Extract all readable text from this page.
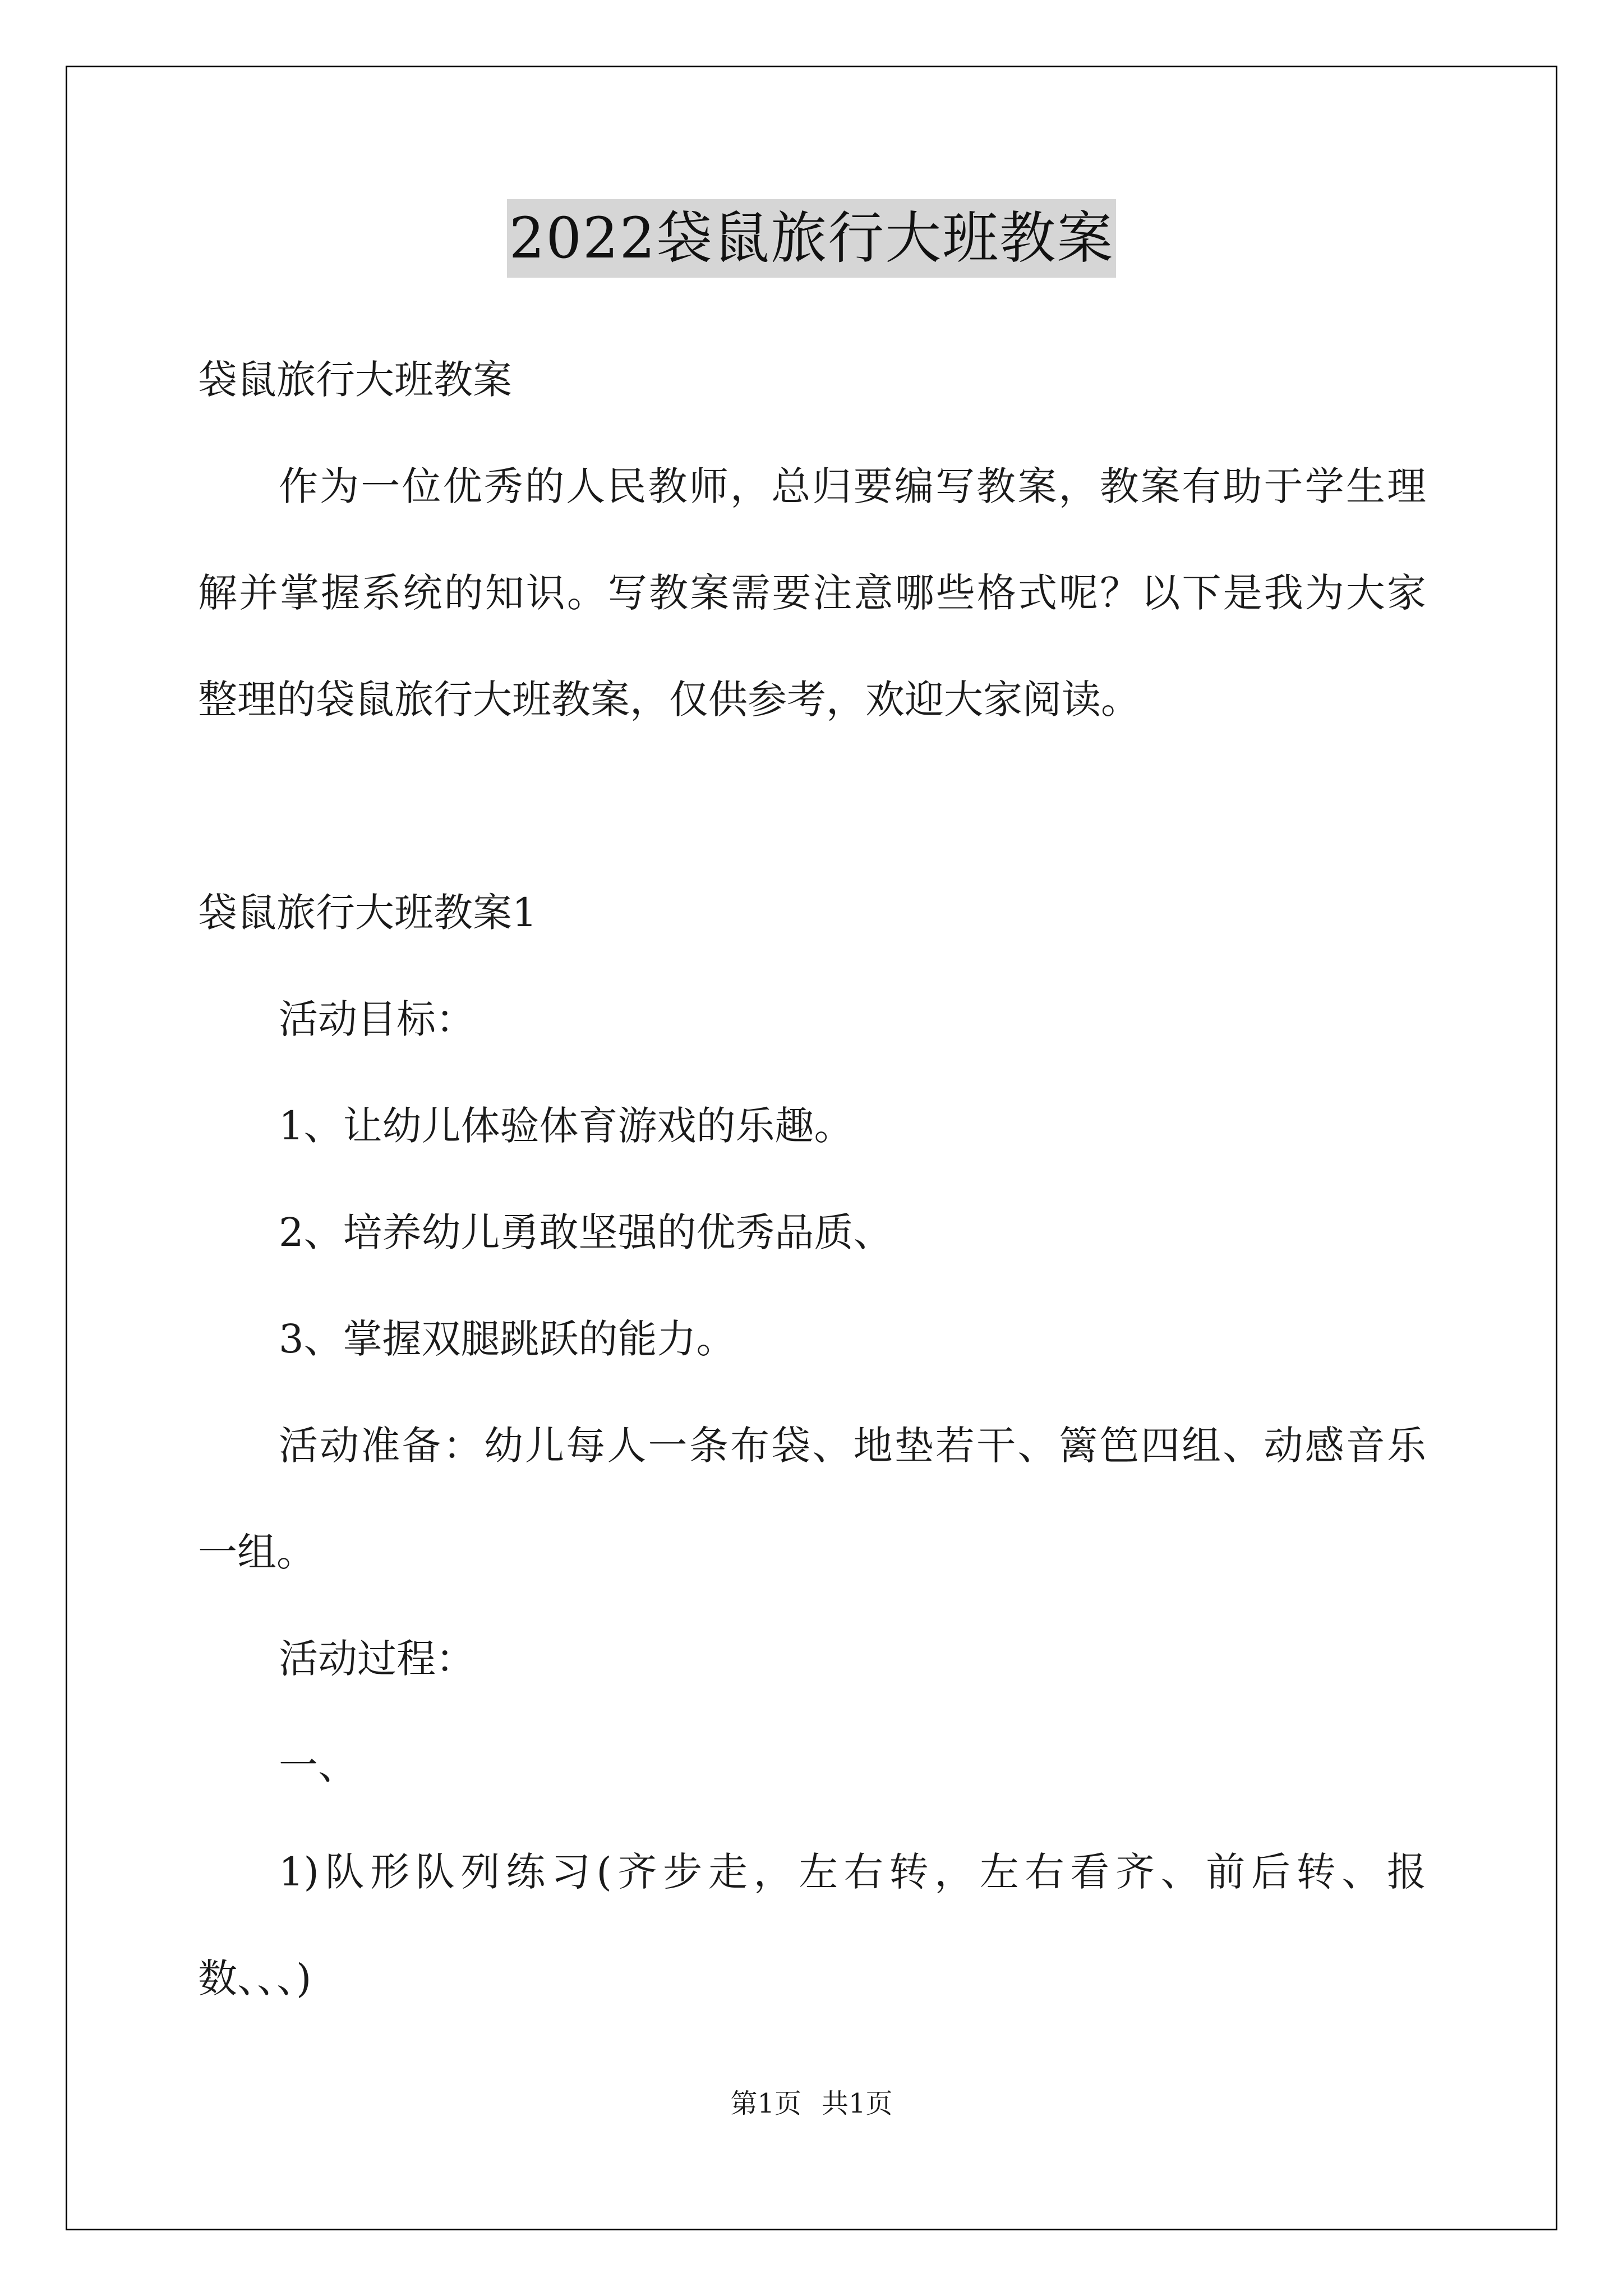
2022袋鼠旅行大班教案
袋鼠旅行大班教案
作为一位优秀的人民教师，总归要编写教案，教案有助于学生理
解并掌握系统的知识。写教案需要注意哪些格式呢？以下是我为大家
整理的袋鼠旅行大班教案，仅供参考，欢迎大家阅读。
袋鼠旅行大班教案1
活动目标：
1、让幼儿体验体育游戏的乐趣。
2、培养幼儿勇敢坚强的优秀品质、
3、掌握双腿跳跃的能力。
活动准备：幼儿每人一条布袋、地垫若干、篱笆四组、动感音乐
一组。
活动过程：
一、
1)队形队列练习(齐步走，左右转，左右看齐、前后转、报
数、、、)
第1页 共1页
